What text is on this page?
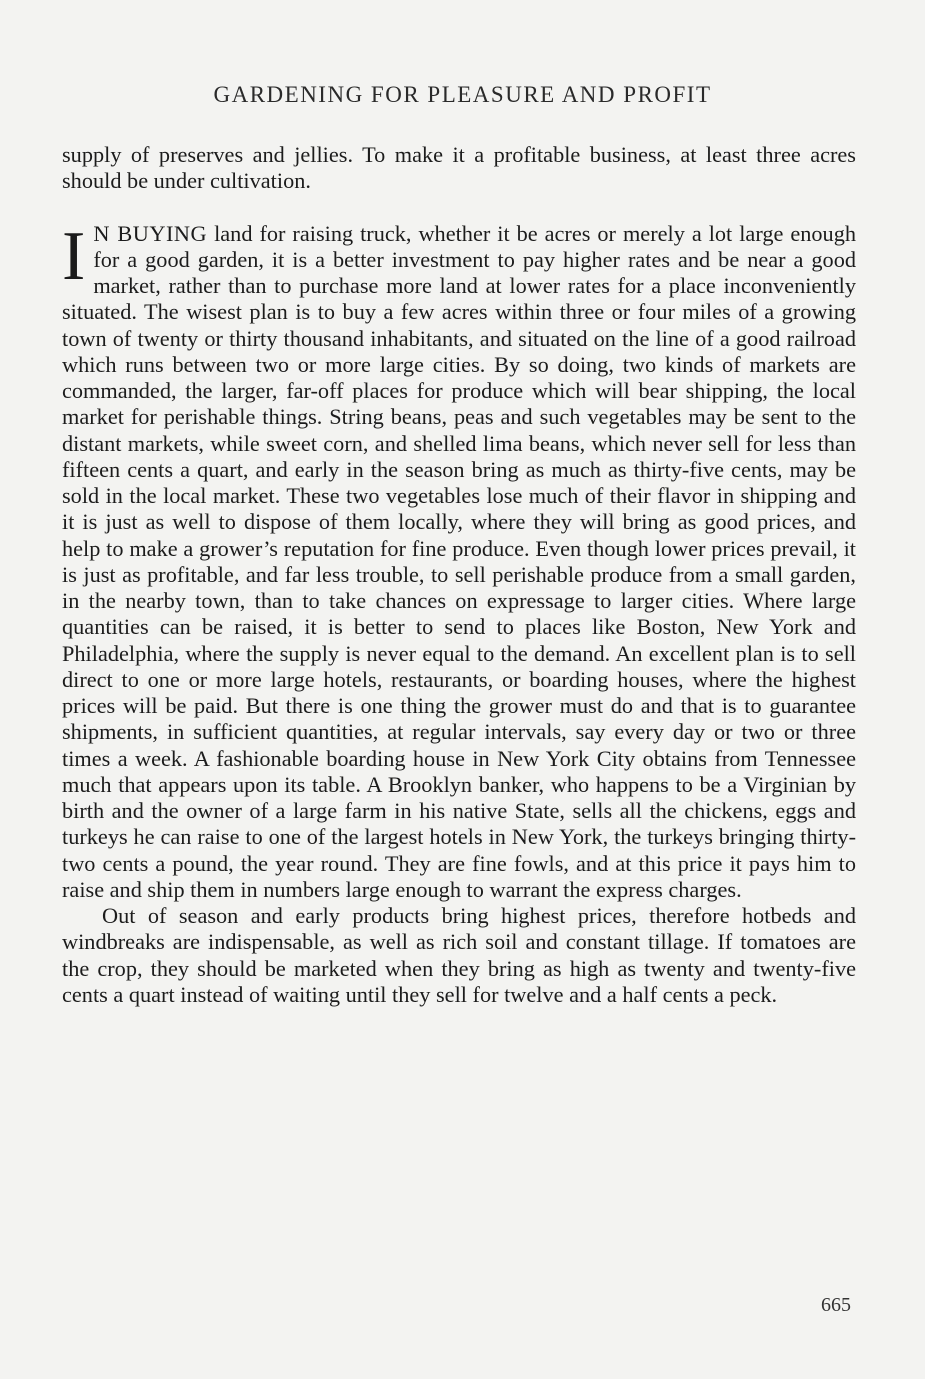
GARDENING FOR PLEASURE AND PROFIT

supply of preserves and jellies. To make it a profitable business, at least three acres should be under cultivation.

I N BUYING land for raising truck, whether it be acres or merely a lot large enough for a good garden, it is a better investment to pay higher rates and be near a good market, rather than to purchase more land at lower rates for a place inconveniently situated. The wisest plan is to buy a few acres within three or four miles of a growing town of twenty or thirty thousand inhabitants, and situated on the line of a good railroad which runs between two or more large cities. By so doing, two kinds of markets are commanded, the larger, far-off places for produce which will bear shipping, the local market for perishable things. String beans, peas and such vegetables may be sent to the distant markets, while sweet corn, and shelled lima beans, which never sell for less than fifteen cents a quart, and early in the season bring as much as thirty-five cents, may be sold in the local market. These two vegetables lose much of their flavor in shipping and it is just as well to dispose of them locally, where they will bring as good prices, and help to make a grower’s reputation for fine produce. Even though lower prices prevail, it is just as profitable, and far less trouble, to sell perishable produce from a small garden, in the nearby town, than to take chances on expressage to larger cities. Where large quantities can be raised, it is better to send to places like Boston, New York and Philadelphia, where the supply is never equal to the demand. An excellent plan is to sell direct to one or more large hotels, restaurants, or boarding houses, where the highest prices will be paid. But there is one thing the grower must do and that is to guarantee shipments, in sufficient quantities, at regular intervals, say every day or two or three times a week. A fashionable boarding house in New York City obtains from Tennessee much that appears upon its table. A Brooklyn banker, who happens to be a Virginian by birth and the owner of a large farm in his native State, sells all the chickens, eggs and turkeys he can raise to one of the largest hotels in New York, the turkeys bringing thirty-two cents a pound, the year round. They are fine fowls, and at this price it pays him to raise and ship them in numbers large enough to warrant the express charges.

Out of season and early products bring highest prices, therefore hotbeds and windbreaks are indispensable, as well as rich soil and constant tillage. If tomatoes are the crop, they should be marketed when they bring as high as twenty and twenty-five cents a quart instead of waiting until they sell for twelve and a half cents a peck.

665
